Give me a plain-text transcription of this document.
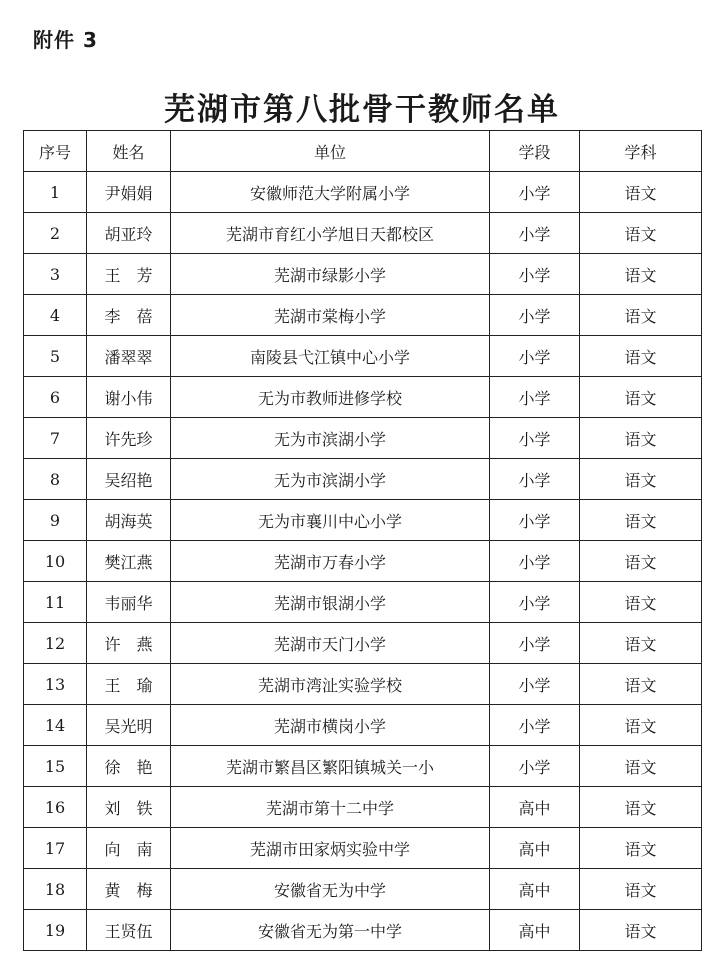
附件 3
芜湖市第八批骨干教师名单
序号	姓名	单位	学段	学科
1	尹娟娟	安徽师范大学附属小学	小学	语文
2	胡亚玲	芜湖市育红小学旭日天都校区	小学	语文
3	王　芳	芜湖市绿影小学	小学	语文
4	李　蓓	芜湖市棠梅小学	小学	语文
5	潘翠翠	南陵县弋江镇中心小学	小学	语文
6	谢小伟	无为市教师进修学校	小学	语文
7	许先珍	无为市滨湖小学	小学	语文
8	吴绍艳	无为市滨湖小学	小学	语文
9	胡海英	无为市襄川中心小学	小学	语文
10	樊江燕	芜湖市万春小学	小学	语文
11	韦丽华	芜湖市银湖小学	小学	语文
12	许　燕	芜湖市天门小学	小学	语文
13	王　瑜	芜湖市湾沚实验学校	小学	语文
14	吴光明	芜湖市横岗小学	小学	语文
15	徐　艳	芜湖市繁昌区繁阳镇城关一小	小学	语文
16	刘　铁	芜湖市第十二中学	高中	语文
17	向　南	芜湖市田家炳实验中学	高中	语文
18	黄　梅	安徽省无为中学	高中	语文
19	王贤伍	安徽省无为第一中学	高中	语文
